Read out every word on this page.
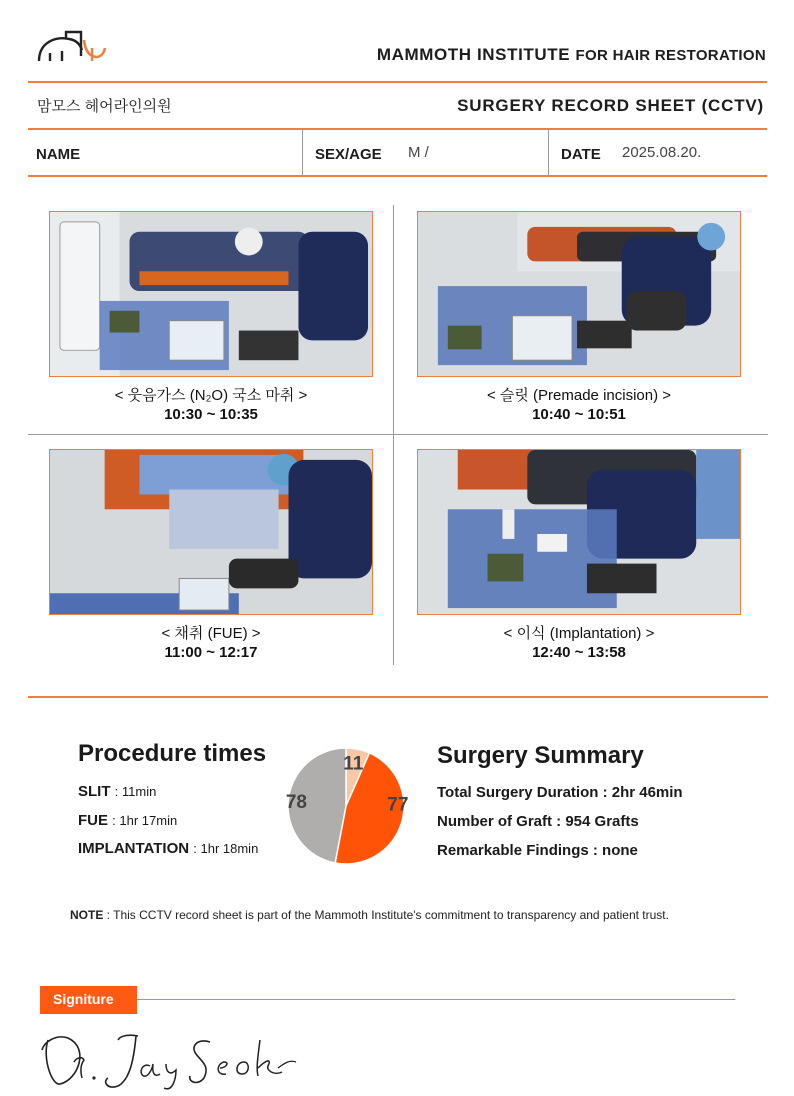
MAMMOTH INSTITUTE FOR HAIR RESTORATION
맘모스 헤어라인의원	SURGERY RECORD SHEET (CCTV)
NAME	SEX/AGE M /	DATE 2025.08.20.
< 웃음가스 (N₂O) 국소 마취 >
10:30 ~ 10:35
< 슬릿 (Premade incision) >
10:40 ~ 10:51
< 채취 (FUE) >
11:00 ~ 12:17
< 이식 (Implantation) >
12:40 ~ 13:58
Procedure times
SLIT : 11min
FUE : 1hr 17min
IMPLANTATION : 1hr 18min
11
77
78
Surgery Summary
Total Surgery Duration : 2hr 46min
Number of Graft : 954 Grafts
Remarkable Findings : none
NOTE : This CCTV record sheet is part of the Mammoth Institute's commitment to transparency and patient trust.
Signiture
